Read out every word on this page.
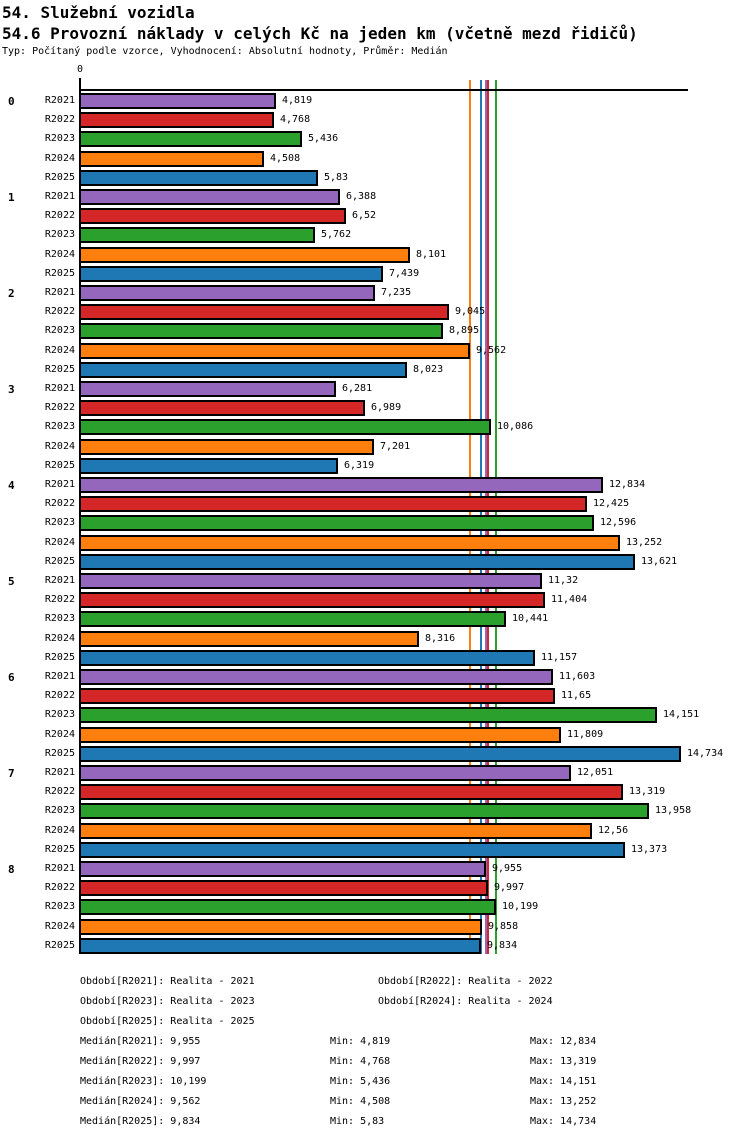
54. Služební vozidla
54.6 Provozní náklady v celých Kč na jeden km (včetně mezd řidičů)
Typ: Počítaný podle vzorce, Vyhodnocení: Absolutní hodnoty, Průměr: Medián
0
0	R2021	4,819
R2022	4,768
R2023	5,436
R2024	4,508
R2025	5,83
1	R2021	6,388
R2022	6,52
R2023	5,762
R2024	8,101
R2025	7,439
2	R2021	7,235
R2022	9,045
R2023	8,895
R2024	9,562
R2025	8,023
3	R2021	6,281
R2022	6,989
R2023	10,086
R2024	7,201
R2025	6,319
4	R2021	12,834
R2022	12,425
R2023	12,596
R2024	13,252
R2025	13,621
5	R2021	11,32
R2022	11,404
R2023	10,441
R2024	8,316
R2025	11,157
6	R2021	11,603
R2022	11,65
R2023	14,151
R2024	11,809
R2025	14,734
7	R2021	12,051
R2022	13,319
R2023	13,958
R2024	12,56
R2025	13,373
8	R2021	9,955
R2022	9,997
R2023	10,199
R2024	9,858
R2025	9,834
Období[R2021]: Realita - 2021	Období[R2022]: Realita - 2022
Období[R2023]: Realita - 2023	Období[R2024]: Realita - 2024
Období[R2025]: Realita - 2025
Medián[R2021]: 9,955	Min: 4,819	Max: 12,834
Medián[R2022]: 9,997	Min: 4,768	Max: 13,319
Medián[R2023]: 10,199	Min: 5,436	Max: 14,151
Medián[R2024]: 9,562	Min: 4,508	Max: 13,252
Medián[R2025]: 9,834	Min: 5,83	Max: 14,734
